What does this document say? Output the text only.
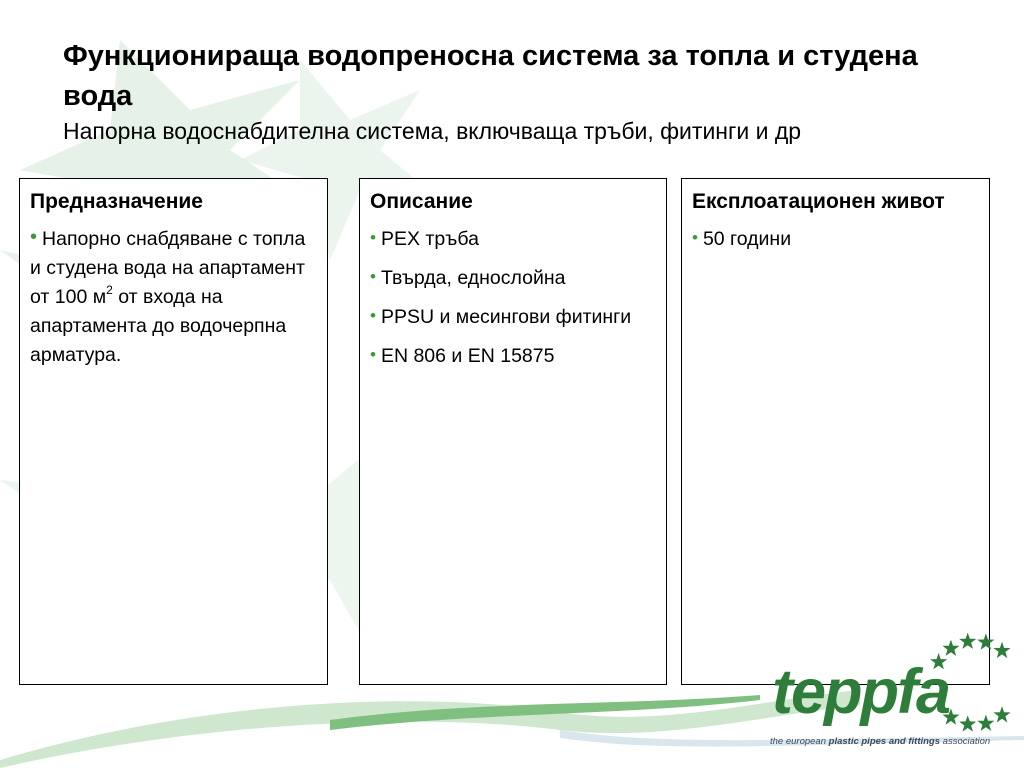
Функциониращa водопреносна система за топла и студена вода

Напорна водоснабдителна система, включваща тръби, фитинги и др

Предназначение
• Напорно снабдяване с топла и студена вода на апартамент от 100 $м^2$ от входа на апартамента до водочерпна арматура.
Описание
• PEX тръба
• Твърда, еднослойна
• PPSU и месингови фитинги
• EN 806 и EN 15875
Експлоатационен живот
• 50 години
teppfa
the european plastic pipes and fittings association
